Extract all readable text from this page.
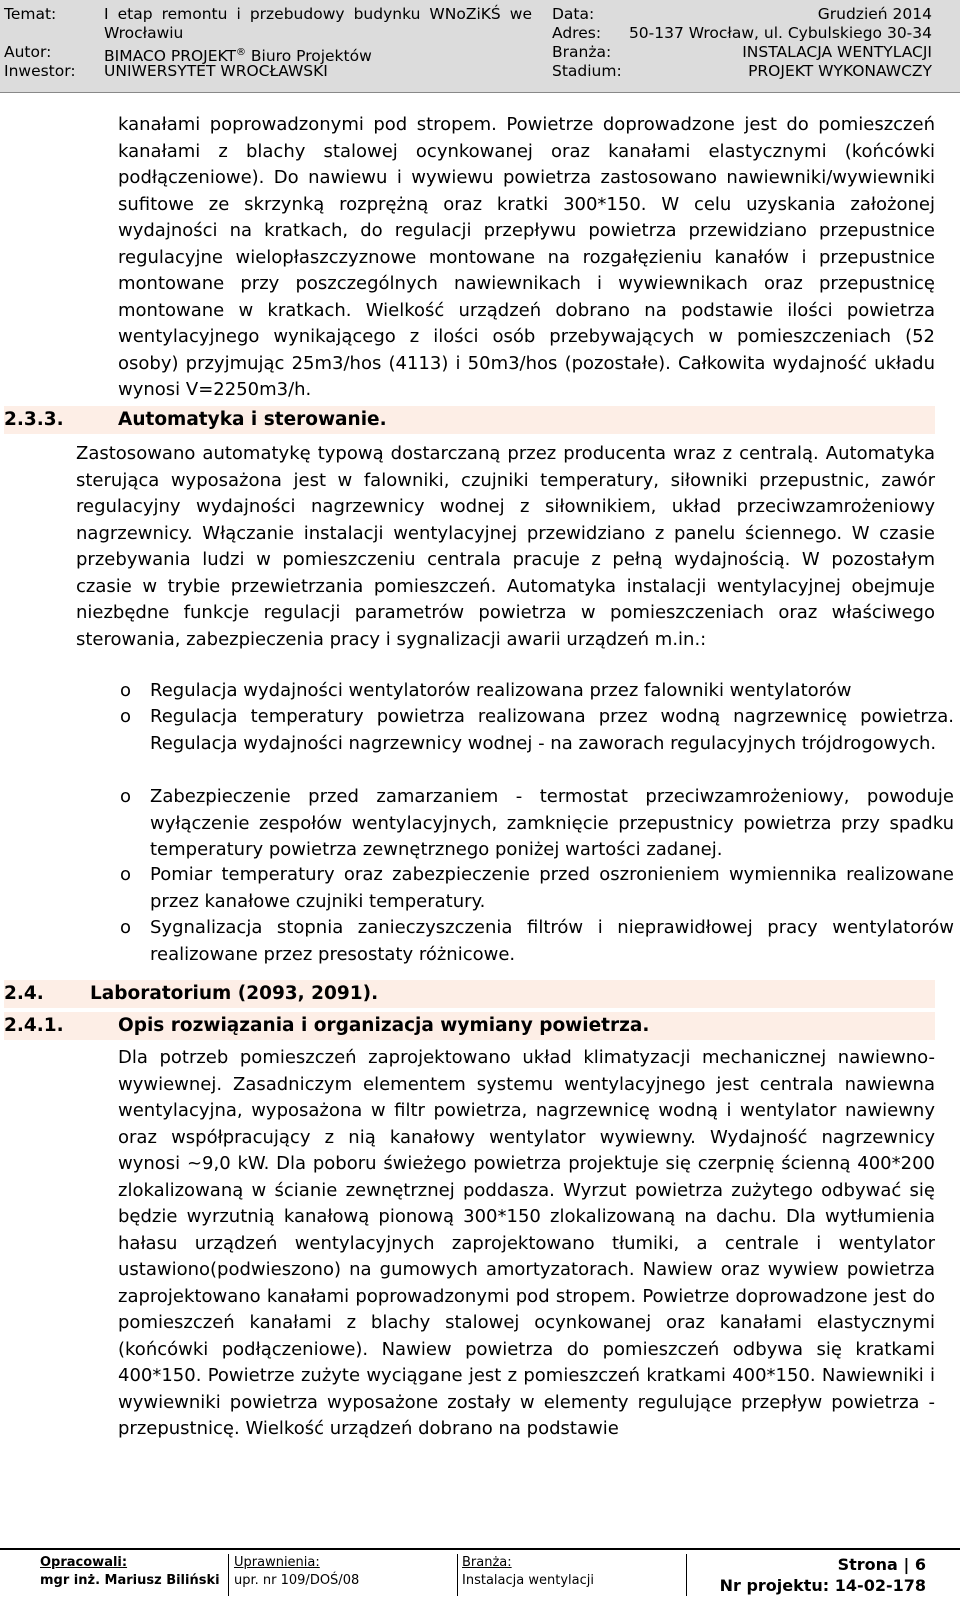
Temat:	I etap remontu i przebudowy budynku WNoZiKŚ we Wrocławiu
Autor:	BIMACO PROJEKT® Biuro Projektów
Inwestor: UNIWERSYTET WROCŁAWSKI
Data:	Grudzień 2014
Adres: 50-137 Wrocław, ul. Cybulskiego 30-34
Branża:	INSTALACJA WENTYLACJI
Stadium:	PROJEKT WYKONAWCZY
kanałami poprowadzonymi pod stropem. Powietrze doprowadzone jest do pomieszczeń kanałami z blachy stalowej ocynkowanej oraz kanałami elastycznymi (końcówki podłączeniowe). Do nawiewu i wywiewu powietrza zastosowano nawiewniki/wywiewniki sufitowe ze skrzynką rozprężną oraz kratki 300*150. W celu uzyskania założonej wydajności na kratkach, do regulacji przepływu powietrza przewidziano przepustnice regulacyjne wielopłaszczyznowe montowane na rozgałęzieniu kanałów i przepustnice montowane przy poszczególnych nawiewnikach i wywiewnikach oraz przepustnicę montowane w kratkach. Wielkość urządzeń dobrano na podstawie ilości powietrza wentylacyjnego wynikającego z ilości osób przebywających w pomieszczeniach (52 osoby) przyjmując 25m3/hos (4113) i 50m3/hos (pozostałe). Całkowita wydajność układu wynosi V=2250m3/h.
2.3.3.	Automatyka i sterowanie.
Zastosowano automatykę typową dostarczaną przez producenta wraz z centralą. Automatyka sterująca wyposażona jest w falowniki, czujniki temperatury, siłowniki przepustnic, zawór regulacyjny wydajności nagrzewnicy wodnej z siłownikiem, układ przeciwzamrożeniowy nagrzewnicy. Włączanie instalacji wentylacyjnej przewidziano z panelu ściennego. W czasie przebywania ludzi w pomieszczeniu centrala pracuje z pełną wydajnością. W pozostałym czasie w trybie przewietrzania pomieszczeń. Automatyka instalacji wentylacyjnej obejmuje niezbędne funkcje regulacji parametrów powietrza w pomieszczeniach oraz właściwego sterowania, zabezpieczenia pracy i sygnalizacji awarii urządzeń m.in.:
o Regulacja wydajności wentylatorów realizowana przez falowniki wentylatorów
o Regulacja temperatury powietrza realizowana przez wodną nagrzewnicę powietrza. Regulacja wydajności nagrzewnicy wodnej - na zaworach regulacyjnych trójdrogowych.
o Zabezpieczenie przed zamarzaniem - termostat przeciwzamrożeniowy, powoduje wyłączenie zespołów wentylacyjnych, zamknięcie przepustnicy powietrza przy spadku temperatury powietrza zewnętrznego poniżej wartości zadanej.
o Pomiar temperatury oraz zabezpieczenie przed oszronieniem wymiennika realizowane przez kanałowe czujniki temperatury.
o Sygnalizacja stopnia zanieczyszczenia filtrów i nieprawidłowej pracy wentylatorów realizowane przez presostaty różnicowe.
2.4. Laboratorium (2093, 2091).
2.4.1.	Opis rozwiązania i organizacja wymiany powietrza.
Dla potrzeb pomieszczeń zaprojektowano układ klimatyzacji mechanicznej nawiewno-wywiewnej. Zasadniczym elementem systemu wentylacyjnego jest centrala nawiewna wentylacyjna, wyposażona w filtr powietrza, nagrzewnicę wodną i wentylator nawiewny oraz współpracujący z nią kanałowy wentylator wywiewny. Wydajność nagrzewnicy wynosi ~9,0 kW. Dla poboru świeżego powietrza projektuje się czerpnię ścienną 400*200 zlokalizowaną w ścianie zewnętrznej poddasza. Wyrzut powietrza zużytego odbywać się będzie wyrzutnią kanałową pionową 300*150 zlokalizowaną na dachu. Dla wytłumienia hałasu urządzeń wentylacyjnych zaprojektowano tłumiki, a centrale i wentylator ustawiono(podwieszono) na gumowych amortyzatorach. Nawiew oraz wywiew powietrza zaprojektowano kanałami poprowadzonymi pod stropem. Powietrze doprowadzone jest do pomieszczeń kanałami z blachy stalowej ocynkowanej oraz kanałami elastycznymi (końcówki podłączeniowe). Nawiew powietrza do pomieszczeń odbywa się kratkami 400*150. Powietrze zużyte wyciągane jest z pomieszczeń kratkami 400*150. Nawiewniki i wywiewniki powietrza wyposażone zostały w elementy regulujące przepływ powietrza - przepustnicę. Wielkość urządzeń dobrano na podstawie
Opracowali:
mgr inż. Mariusz Biliński
Uprawnienia:
upr. nr 109/DOŚ/08
Branża:
Instalacja wentylacji
Strona | 6
Nr projektu: 14-02-178
